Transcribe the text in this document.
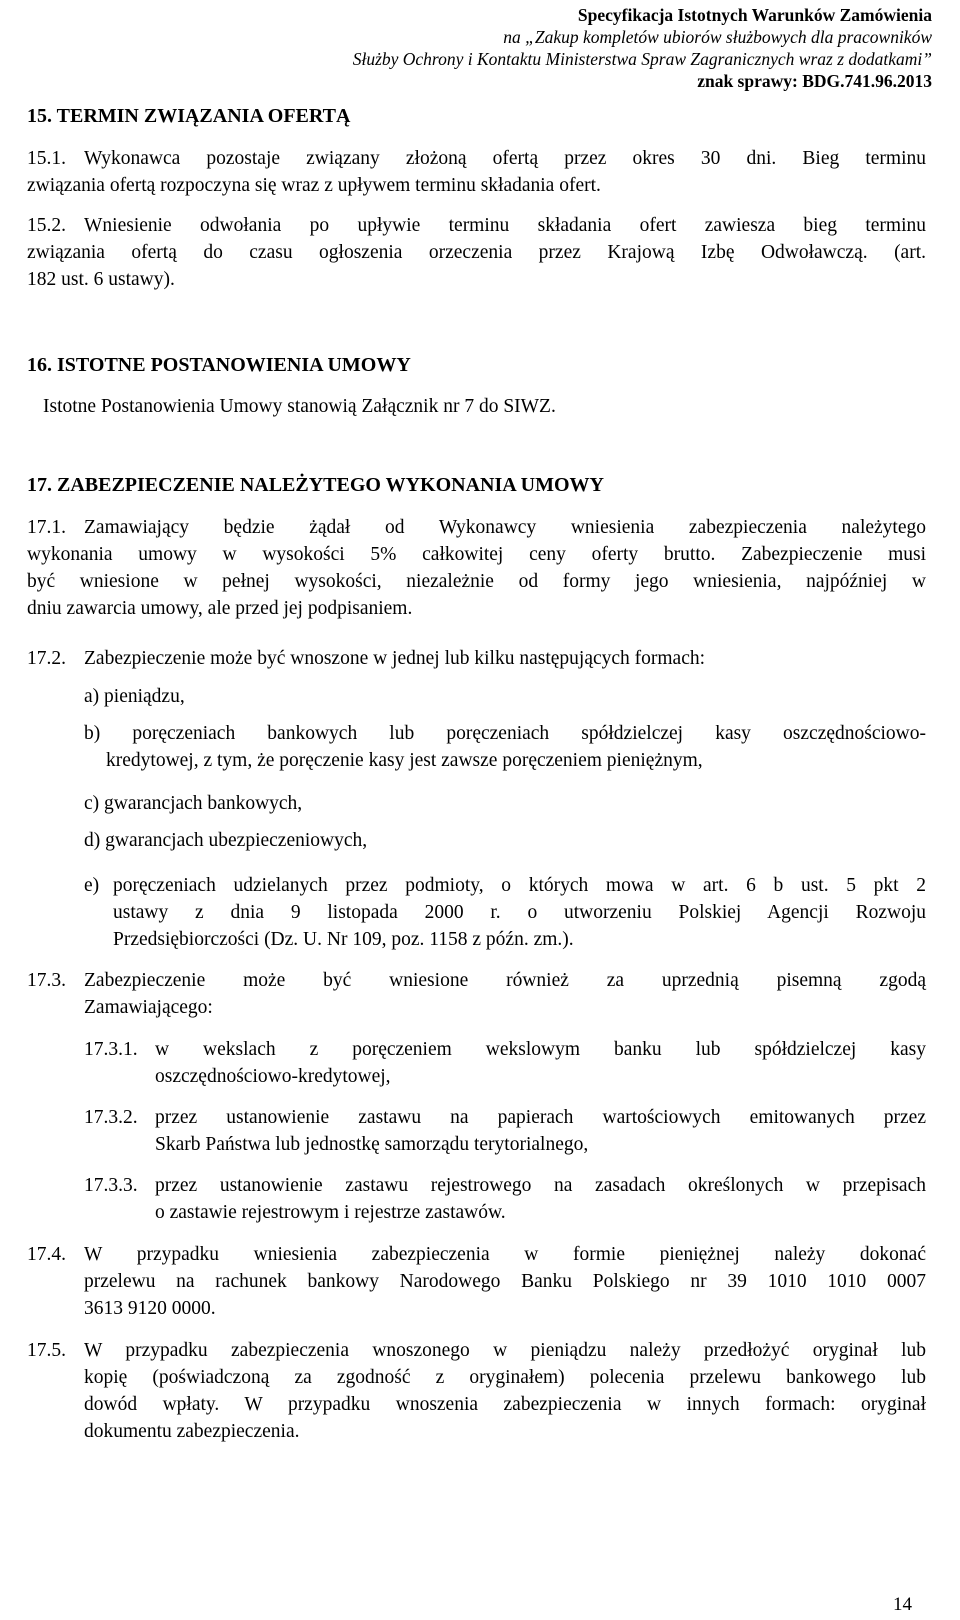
Specyfikacja Istotnych Warunków Zamówienia
na „Zakup kompletów ubiorów służbowych dla pracowników
Służby Ochrony i Kontaktu Ministerstwa Spraw Zagranicznych wraz z dodatkami”
znak sprawy: BDG.741.96.2013
15. TERMIN ZWIĄZANIA OFERTĄ
15.1. Wykonawca pozostaje związany złożoną ofertą przez okres 30 dni. Bieg terminu
związania ofertą rozpoczyna się wraz z upływem terminu składania ofert.
15.2. Wniesienie odwołania po upływie terminu składania ofert zawiesza bieg terminu
związania ofertą do czasu ogłoszenia orzeczenia przez Krajową Izbę Odwoławczą. (art.
182 ust. 6 ustawy).
16. ISTOTNE POSTANOWIENIA UMOWY
Istotne Postanowienia Umowy stanowią Załącznik nr 7 do SIWZ.
17. ZABEZPIECZENIE NALEŻYTEGO WYKONANIA UMOWY
17.1. Zamawiający będzie żądał od Wykonawcy wniesienia zabezpieczenia należytego
wykonania umowy w wysokości 5% całkowitej ceny oferty brutto. Zabezpieczenie musi
być wniesione w pełnej wysokości, niezależnie od formy jego wniesienia, najpóźniej w
dniu zawarcia umowy, ale przed jej podpisaniem.
17.2. Zabezpieczenie może być wnoszone w jednej lub kilku następujących formach:
a) pieniądzu,
b) poręczeniach bankowych lub poręczeniach spółdzielczej kasy oszczędnościowo-
kredytowej, z tym, że poręczenie kasy jest zawsze poręczeniem pieniężnym,
c) gwarancjach bankowych,
d) gwarancjach ubezpieczeniowych,
e) poręczeniach udzielanych przez podmioty, o których mowa w art. 6 b ust. 5 pkt 2
ustawy z dnia 9 listopada 2000 r. o utworzeniu Polskiej Agencji Rozwoju
Przedsiębiorczości (Dz. U. Nr 109, poz. 1158 z późn. zm.).
17.3. Zabezpieczenie może być wniesione również za uprzednią pisemną zgodą
Zamawiającego:
17.3.1. w wekslach z poręczeniem wekslowym banku lub spółdzielczej kasy
oszczędnościowo-kredytowej,
17.3.2. przez ustanowienie zastawu na papierach wartościowych emitowanych przez
Skarb Państwa lub jednostkę samorządu terytorialnego,
17.3.3. przez ustanowienie zastawu rejestrowego na zasadach określonych w przepisach
o zastawie rejestrowym i rejestrze zastawów.
17.4. W przypadku wniesienia zabezpieczenia w formie pieniężnej należy dokonać
przelewu na rachunek bankowy Narodowego Banku Polskiego nr 39 1010 1010 0007
3613 9120 0000.
17.5. W przypadku zabezpieczenia wnoszonego w pieniądzu należy przedłożyć oryginał lub
kopię (poświadczoną za zgodność z oryginałem) polecenia przelewu bankowego lub
dowód wpłaty. W przypadku wnoszenia zabezpieczenia w innych formach: oryginał
dokumentu zabezpieczenia.
14
